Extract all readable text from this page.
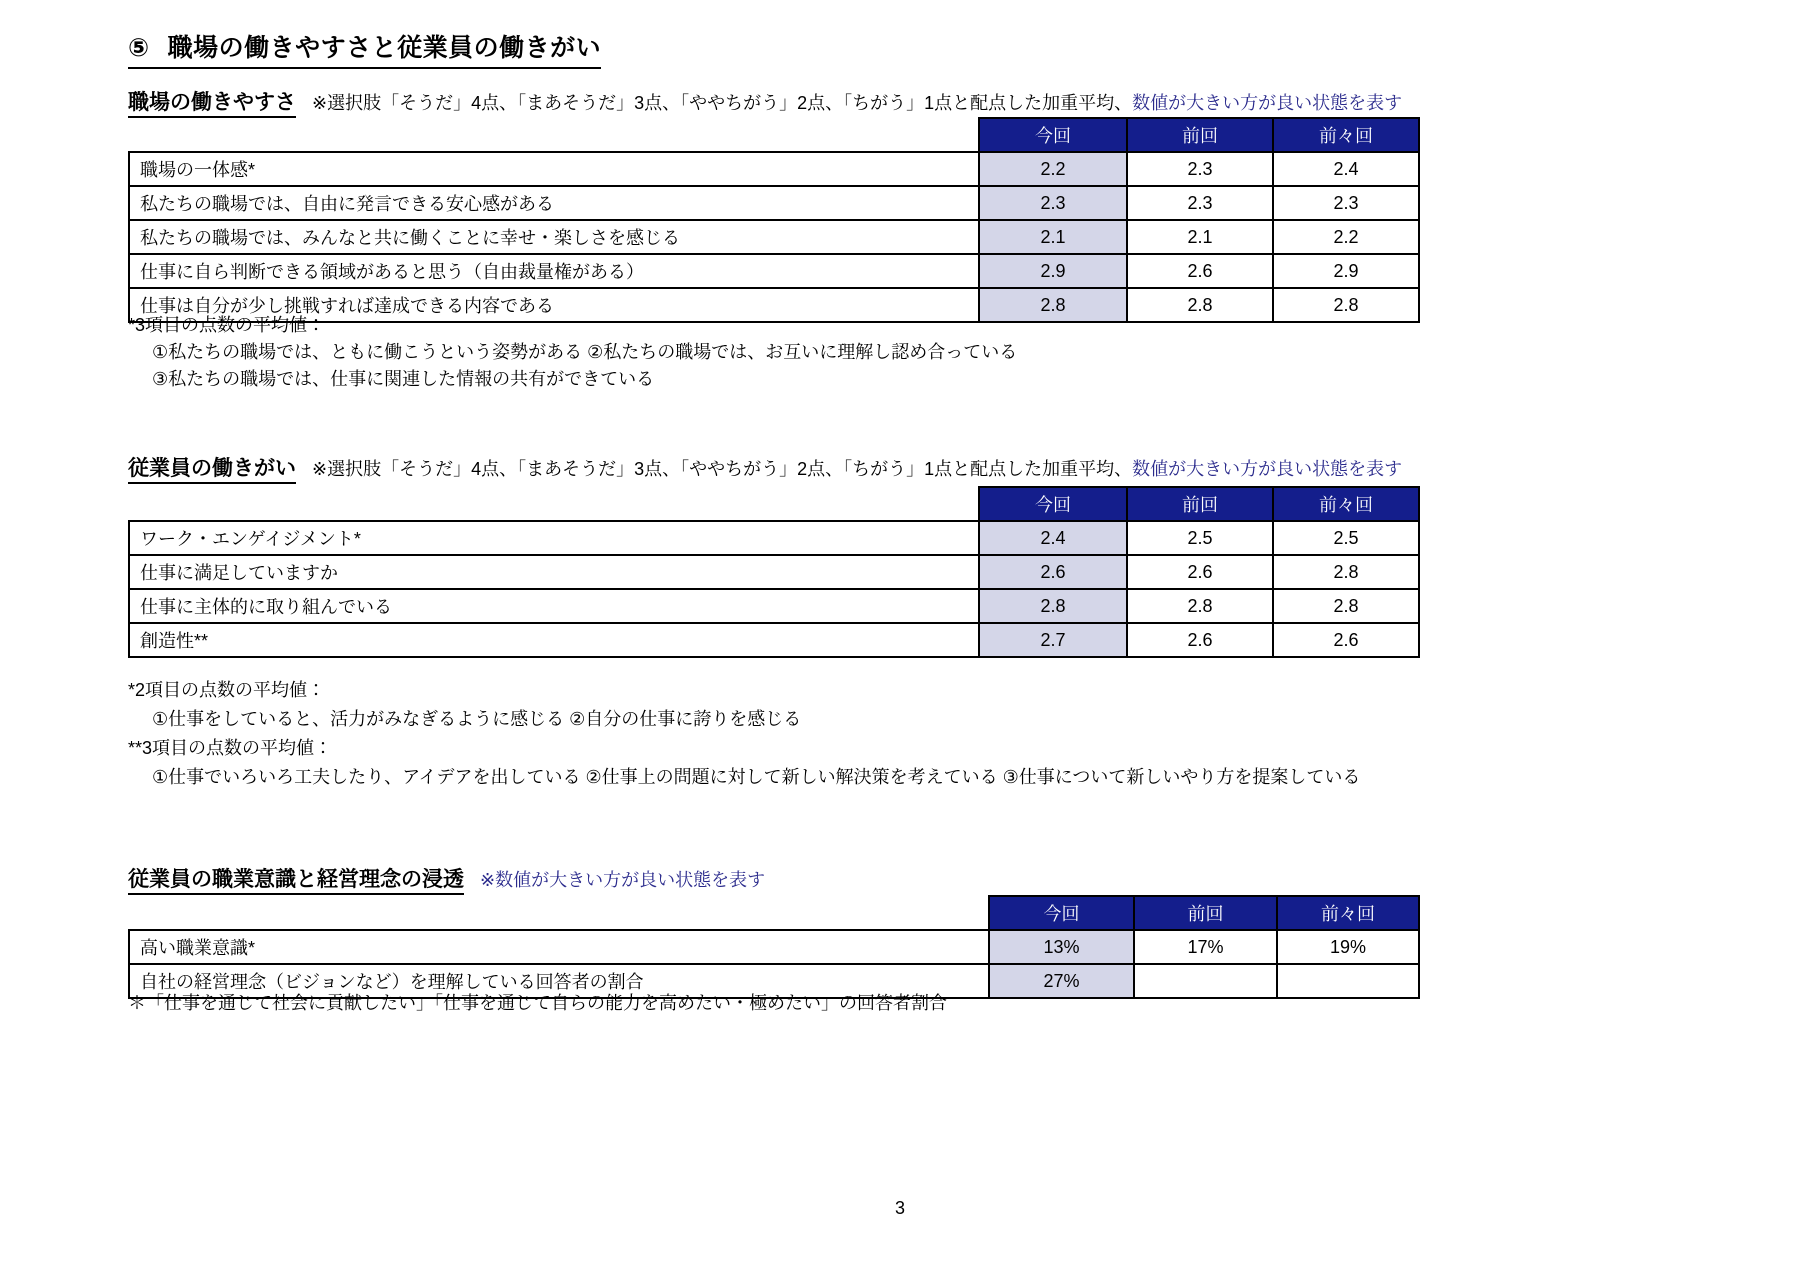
⑤ 職場の働きやすさと従業員の働きがい
職場の働きやすさ ※選択肢「そうだ」4点、「まあそうだ」3点、「ややちがう」2点、「ちがう」1点と配点した加重平均、数値が大きい方が良い状態を表す
	今回	前回	前々回
職場の一体感*	2.2	2.3	2.4
私たちの職場では、自由に発言できる安心感がある	2.3	2.3	2.3
私たちの職場では、みんなと共に働くことに幸せ・楽しさを感じる	2.1	2.1	2.2
仕事に自ら判断できる領域があると思う（自由裁量権がある）	2.9	2.6	2.9
仕事は自分が少し挑戦すれば達成できる内容である	2.8	2.8	2.8
*3項目の点数の平均値：
①私たちの職場では、ともに働こうという姿勢がある ②私たちの職場では、お互いに理解し認め合っている
③私たちの職場では、仕事に関連した情報の共有ができている
従業員の働きがい ※選択肢「そうだ」4点、「まあそうだ」3点、「ややちがう」2点、「ちがう」1点と配点した加重平均、数値が大きい方が良い状態を表す
	今回	前回	前々回
ワーク・エンゲイジメント*	2.4	2.5	2.5
仕事に満足していますか	2.6	2.6	2.8
仕事に主体的に取り組んでいる	2.8	2.8	2.8
創造性**	2.7	2.6	2.6
*2項目の点数の平均値：
①仕事をしていると、活力がみなぎるように感じる ②自分の仕事に誇りを感じる
**3項目の点数の平均値：
①仕事でいろいろ工夫したり、アイデアを出している ②仕事上の問題に対して新しい解決策を考えている ③仕事について新しいやり方を提案している
従業員の職業意識と経営理念の浸透 ※数値が大きい方が良い状態を表す
	今回	前回	前々回
高い職業意識*	13%	17%	19%
自社の経営理念（ビジョンなど）を理解している回答者の割合	27%		
＊「仕事を通じて社会に貢献したい」「仕事を通じて自らの能力を高めたい・極めたい」の回答者割合
3
